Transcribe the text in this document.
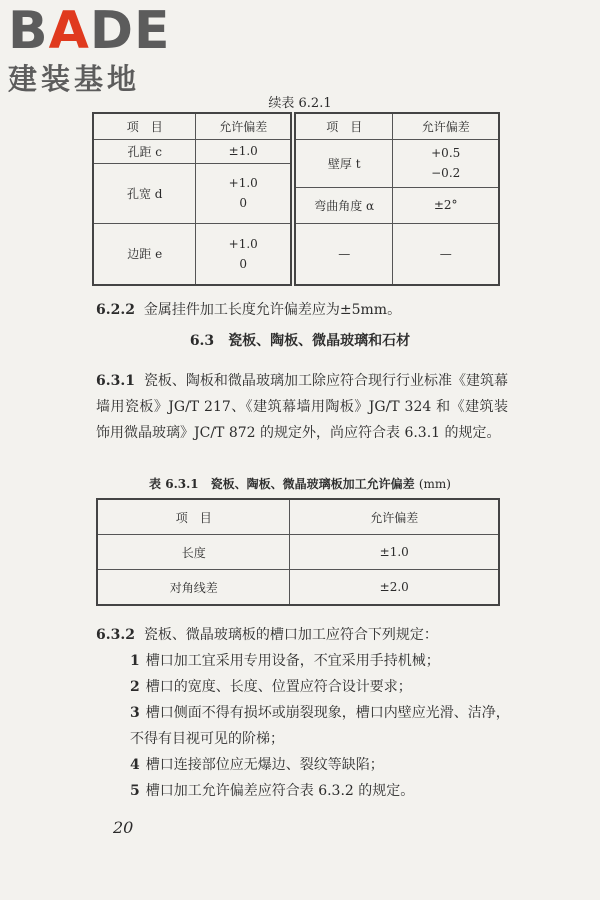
BADE
建装基地
续表 6.2.1
项　目	允许偏差
孔距 c	±1.0
孔宽 d	+1.0
0

边距 e	+1.0
0
项　目	允许偏差
壁厚 t	+0.5
−0.2

弯曲角度 α	±2°
—	—
6.2.2 金属挂件加工长度允许偏差应为±5mm。
6.3　瓷板、陶板、微晶玻璃和石材
6.3.1 瓷板、陶板和微晶玻璃加工除应符合现行行业标准《建筑幕墙用瓷板》JG/T 217、《建筑幕墙用陶板》JG/T 324 和《建筑装饰用微晶玻璃》JC/T 872 的规定外，尚应符合表 6.3.1 的规定。
表 6.3.1　瓷板、陶板、微晶玻璃板加工允许偏差 (mm)
项　目	允许偏差
长度	±1.0
对角线差	±2.0

6.3.2 瓷板、微晶玻璃板的槽口加工应符合下列规定：

1 槽口加工宜采用专用设备，不宜采用手持机械；

2 槽口的宽度、长度、位置应符合设计要求；

3 槽口侧面不得有损坏或崩裂现象，槽口内壁应光滑、洁净，不得有目视可见的阶梯；

4 槽口连接部位应无爆边、裂纹等缺陷；

5 槽口加工允许偏差应符合表 6.3.2 的规定。

20
